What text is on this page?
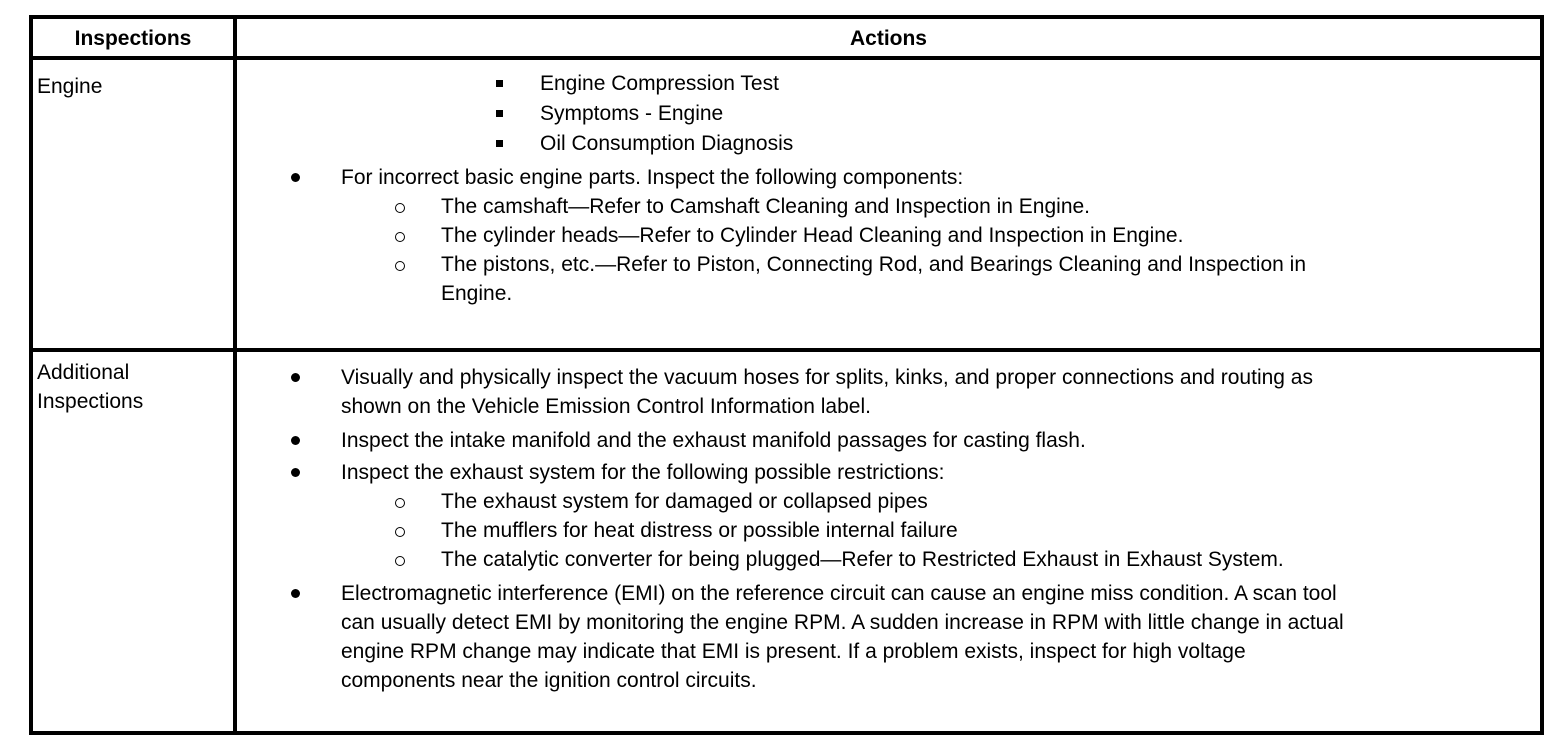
Inspections	Actions
Engine	Engine Compression Test
Symptoms - Engine
Oil Consumption Diagnosis
For incorrect basic engine parts. Inspect the following components:
The camshaft—Refer to Camshaft Cleaning and Inspection in Engine.
The cylinder heads—Refer to Cylinder Head Cleaning and Inspection in Engine.
The pistons, etc.—Refer to Piston, Connecting Rod, and Bearings Cleaning and Inspection in
Engine.
Additional
Inspections
Visually and physically inspect the vacuum hoses for splits, kinks, and proper connections and routing as
shown on the Vehicle Emission Control Information label.
Inspect the intake manifold and the exhaust manifold passages for casting flash.
Inspect the exhaust system for the following possible restrictions:
The exhaust system for damaged or collapsed pipes
The mufflers for heat distress or possible internal failure
The catalytic converter for being plugged—Refer to Restricted Exhaust in Exhaust System.
Electromagnetic interference (EMI) on the reference circuit can cause an engine miss condition. A scan tool
can usually detect EMI by monitoring the engine RPM. A sudden increase in RPM with little change in actual
engine RPM change may indicate that EMI is present. If a problem exists, inspect for high voltage
components near the ignition control circuits.
